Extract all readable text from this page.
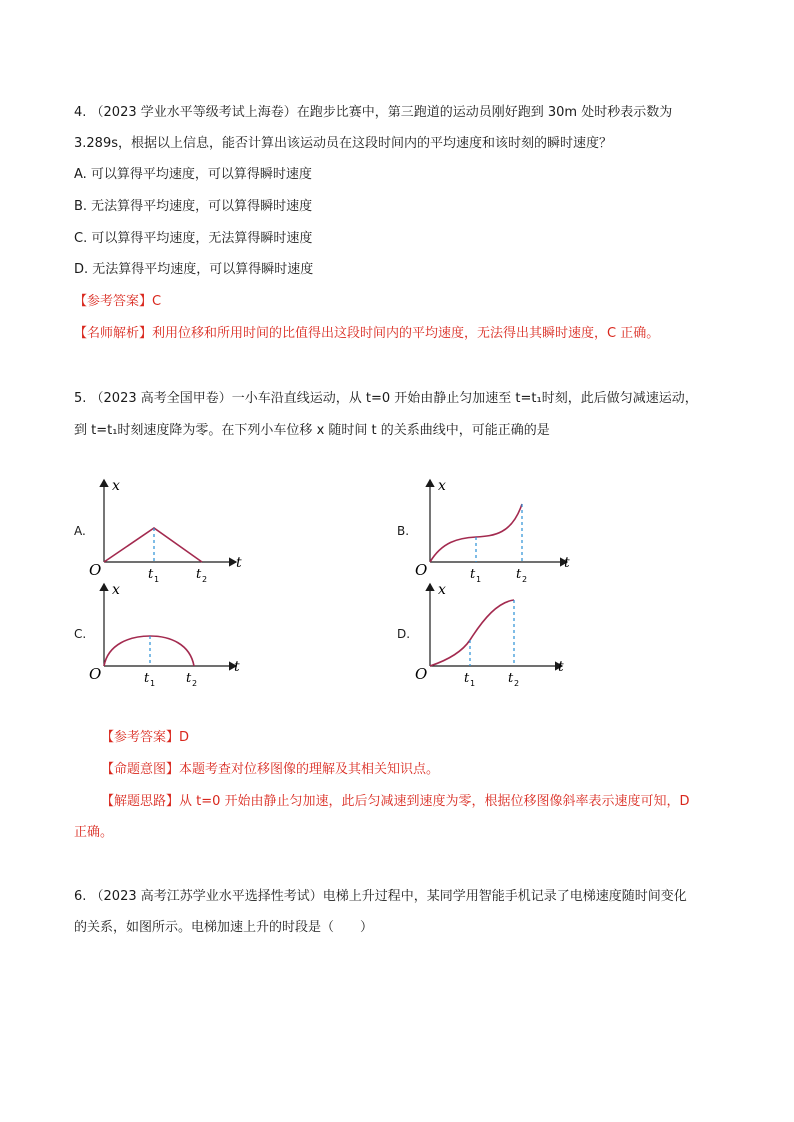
4. （2023 学业水平等级考试上海卷）在跑步比赛中，第三跑道的运动员刚好跑到 30m 处时秒表示数为
3.289s，根据以上信息，能否计算出该运动员在这段时间内的平均速度和该时刻的瞬时速度？
A. 可以算得平均速度，可以算得瞬时速度
B. 无法算得平均速度，可以算得瞬时速度
C. 可以算得平均速度，无法算得瞬时速度
D. 无法算得平均速度，可以算得瞬时速度
【参考答案】C
【名师解析】利用位移和所用时间的比值得出这段时间内的平均速度，无法得出其瞬时速度，C 正确。
5. （2023 高考全国甲卷）一小车沿直线运动，从 t=0 开始由静止匀加速至 t=t₁时刻，此后做匀减速运动，
到 t=t₁时刻速度降为零。在下列小车位移 x 随时间 t 的关系曲线中，可能正确的是
A.
x
t
O	t 1	t 2
B.
x
t
O	t 1	t 2
C.
x
t
O	t 1 t 2
D.
x
t
O	t 1	t 2
【参考答案】D
【命题意图】本题考查对位移图像的理解及其相关知识点。
【解题思路】从 t=0 开始由静止匀加速，此后匀减速到速度为零，根据位移图像斜率表示速度可知，D
正确。
6. （2023 高考江苏学业水平选择性考试）电梯上升过程中，某同学用智能手机记录了电梯速度随时间变化
的关系，如图所示。电梯加速上升的时段是（　　）
